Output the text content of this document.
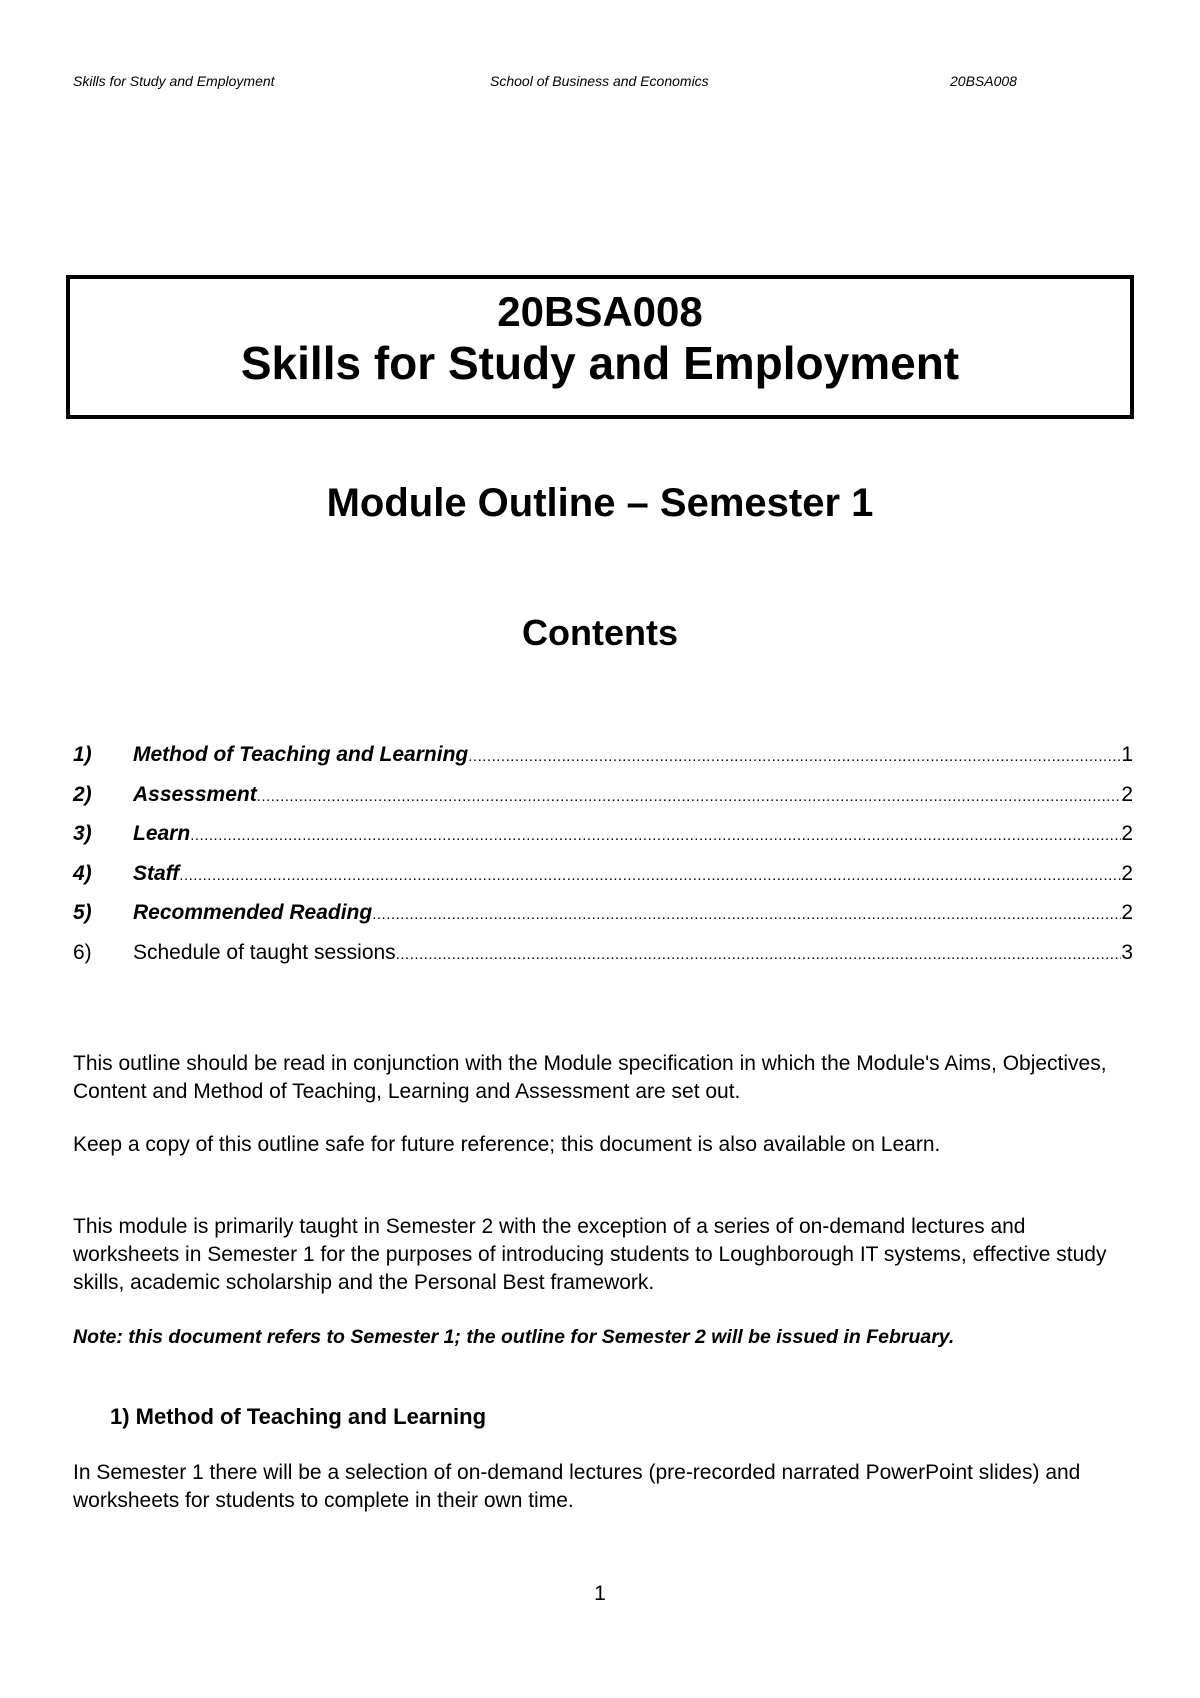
Skills for Study and Employment	School of Business and Economics	20BSA008
20BSA008
Skills for Study and Employment
Module Outline – Semester 1
Contents
1) Method of Teaching and Learning .....	1
2) Assessment .....	2
3) Learn .....	2
4) Staff .....	2
5) Recommended Reading .....	2
6) Schedule of taught sessions .....	3

This outline should be read in conjunction with the Module specification in which the Module's Aims, Objectives, Content and Method of Teaching, Learning and Assessment are set out.

Keep a copy of this outline safe for future reference; this document is also available on Learn.

This module is primarily taught in Semester 2 with the exception of a series of on-demand lectures and worksheets in Semester 1 for the purposes of introducing students to Loughborough IT systems, effective study skills, academic scholarship and the Personal Best framework.

Note: this document refers to Semester 1; the outline for Semester 2 will be issued in February.

1) Method of Teaching and Learning

In Semester 1 there will be a selection of on-demand lectures (pre-recorded narrated PowerPoint slides) and worksheets for students to complete in their own time.

1
